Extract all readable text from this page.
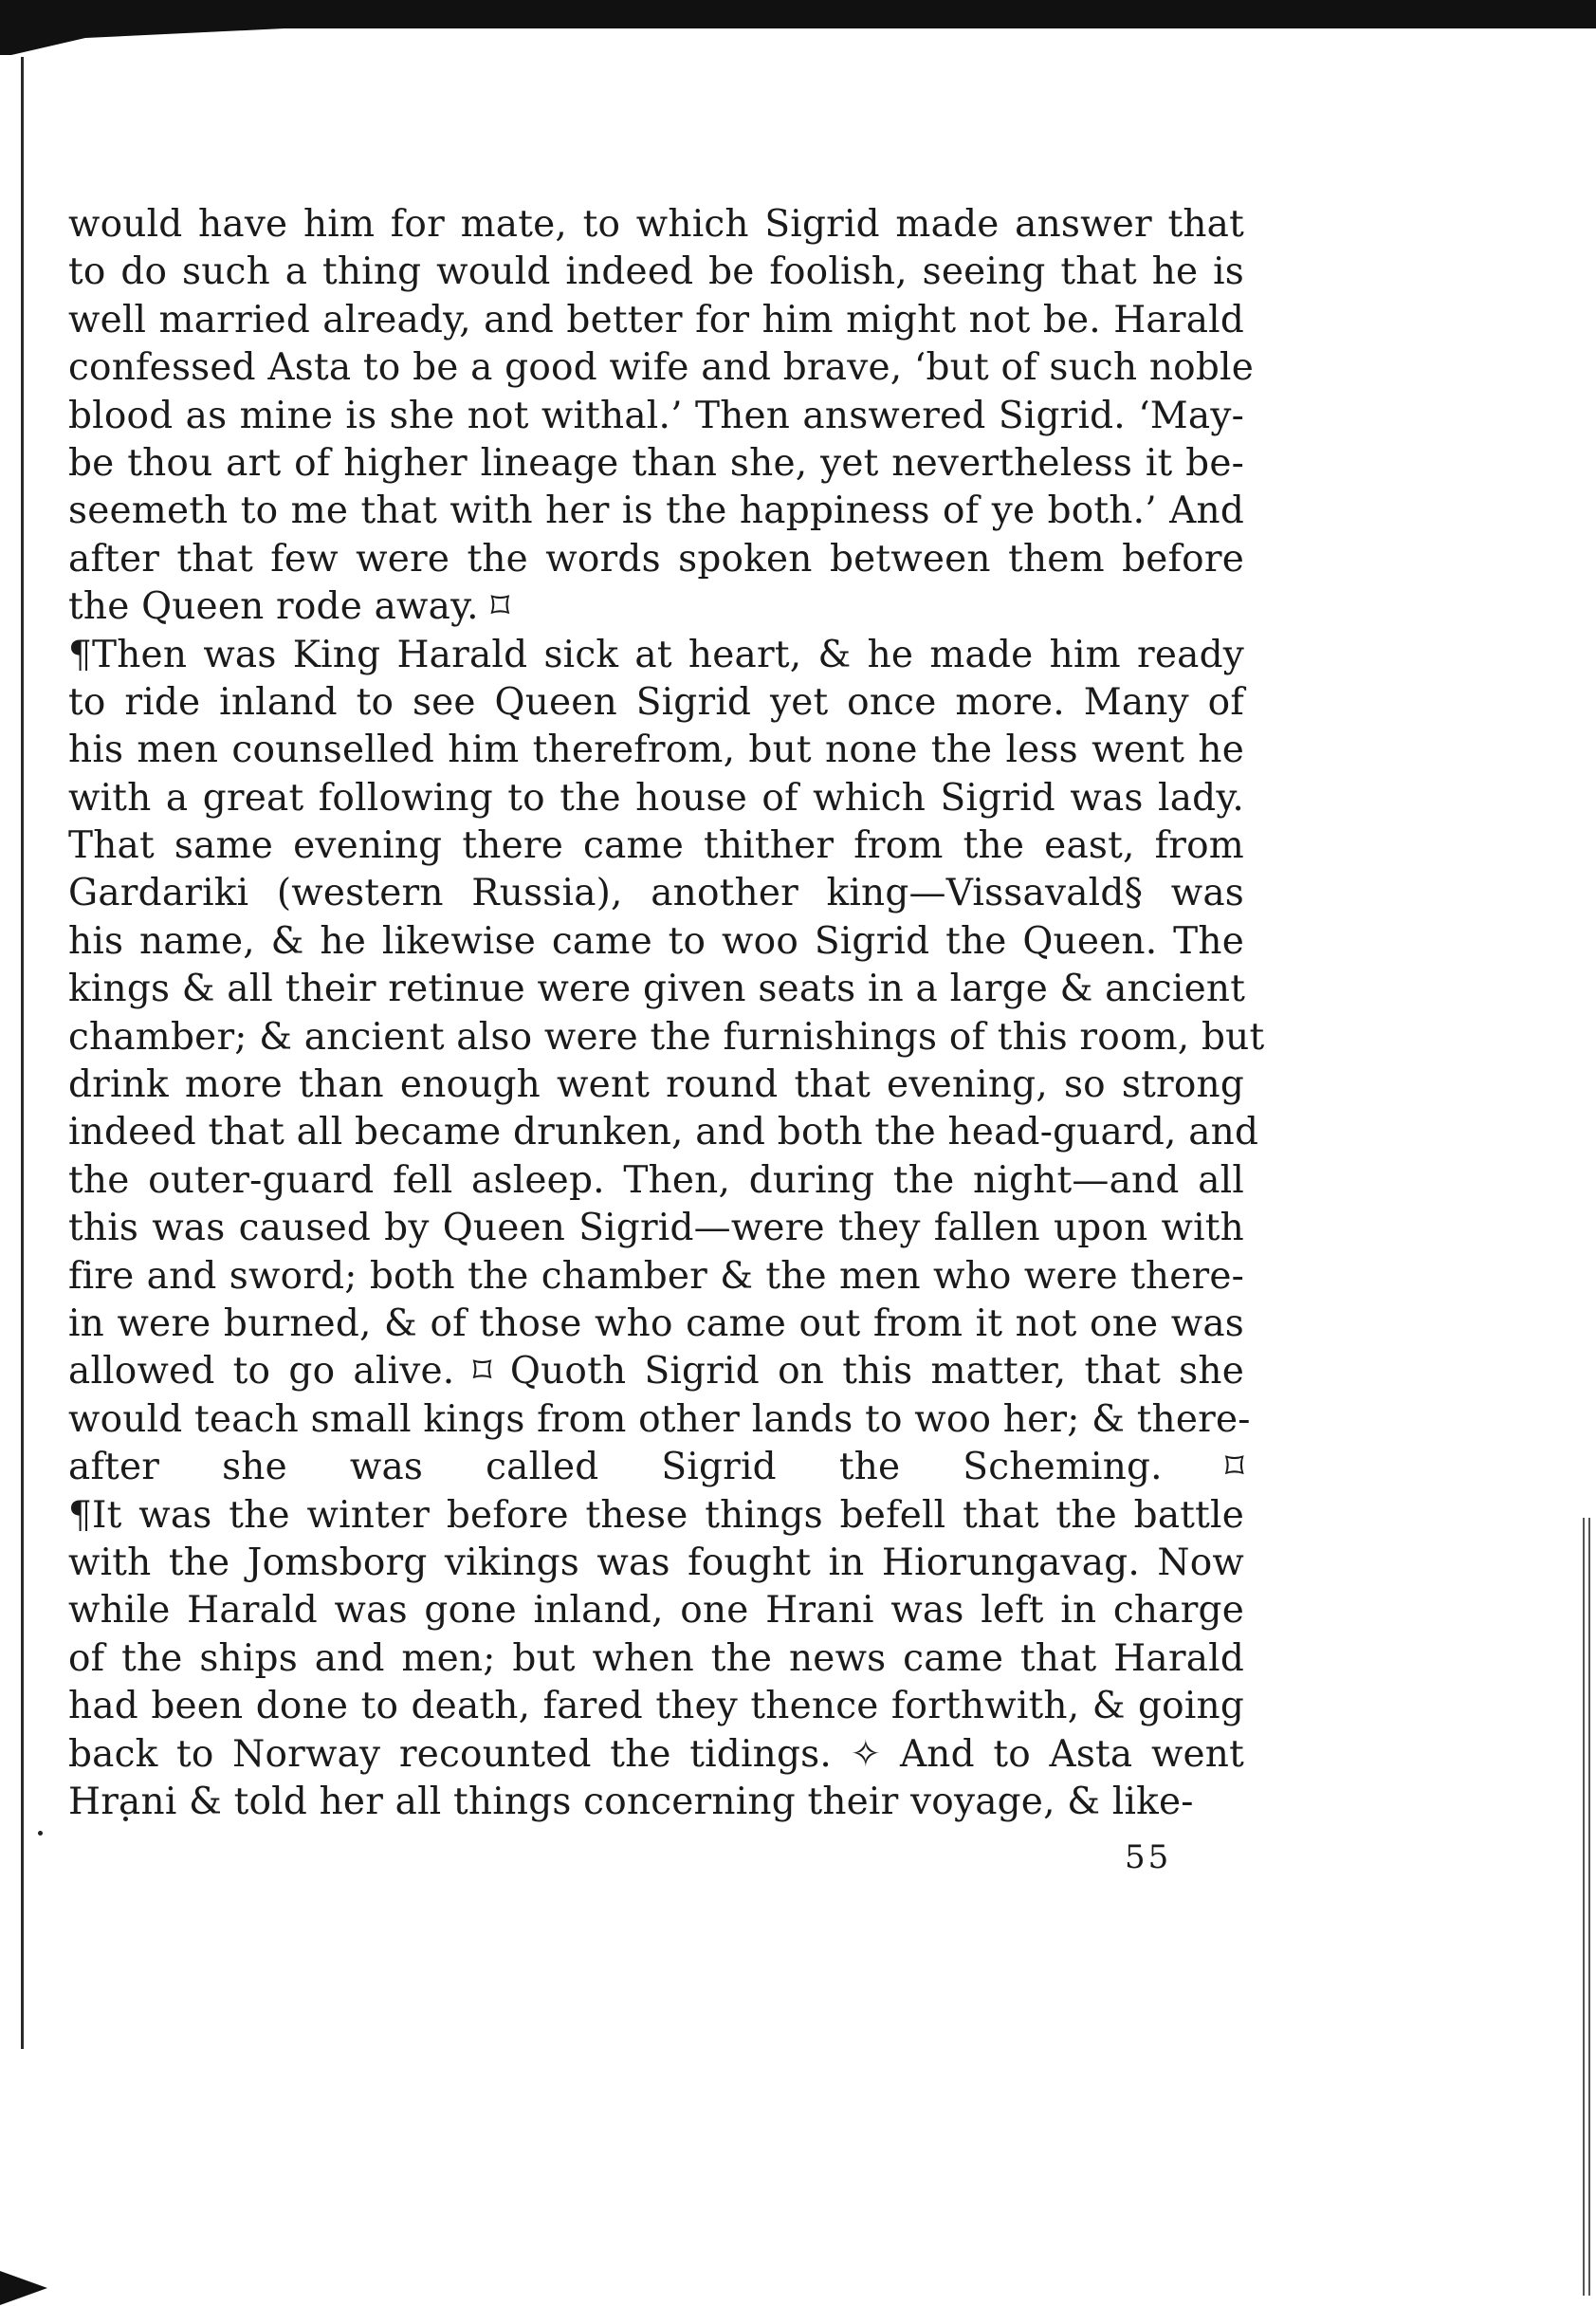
would have him for mate, to which Sigrid made answer that
to do such a thing would indeed be foolish, seeing that he is
well married already, and better for him might not be. Harald
confessed Asta to be a good wife and brave, ‘but of such noble
blood as mine is she not withal.’ Then answered Sigrid. ‘May-
be thou art of higher lineage than she, yet nevertheless it be-
seemeth to me that with her is the happiness of ye both.’ And
after that few were the words spoken between them before
the Queen rode away. ⌑
¶Then was King Harald sick at heart, & he made him ready
to ride inland to see Queen Sigrid yet once more. Many of
his men counselled him therefrom, but none the less went he
with a great following to the house of which Sigrid was lady.
That same evening there came thither from the east, from
Gardariki (western Russia), another king—Vissavald§ was
his name, & he likewise came to woo Sigrid the Queen. The
kings & all their retinue were given seats in a large & ancient
chamber; & ancient also were the furnishings of this room, but
drink more than enough went round that evening, so strong
indeed that all became drunken, and both the head-guard, and
the outer-guard fell asleep. Then, during the night—and all
this was caused by Queen Sigrid—were they fallen upon with
fire and sword; both the chamber & the men who were there-
in were burned, & of those who came out from it not one was
allowed to go alive. ⌑ Quoth Sigrid on this matter, that she
would teach small kings from other lands to woo her; & there-
after she was called Sigrid the Scheming. ⌑
¶It was the winter before these things befell that the battle
with the Jomsborg vikings was fought in Hiorungavag. Now
while Harald was gone inland, one Hrani was left in charge
of the ships and men; but when the news came that Harald
had been done to death, fared they thence forthwith, & going
back to Norway recounted the tidings. ✧ And to Asta went
Hrani & told her all things concerning their voyage, & like-
55
